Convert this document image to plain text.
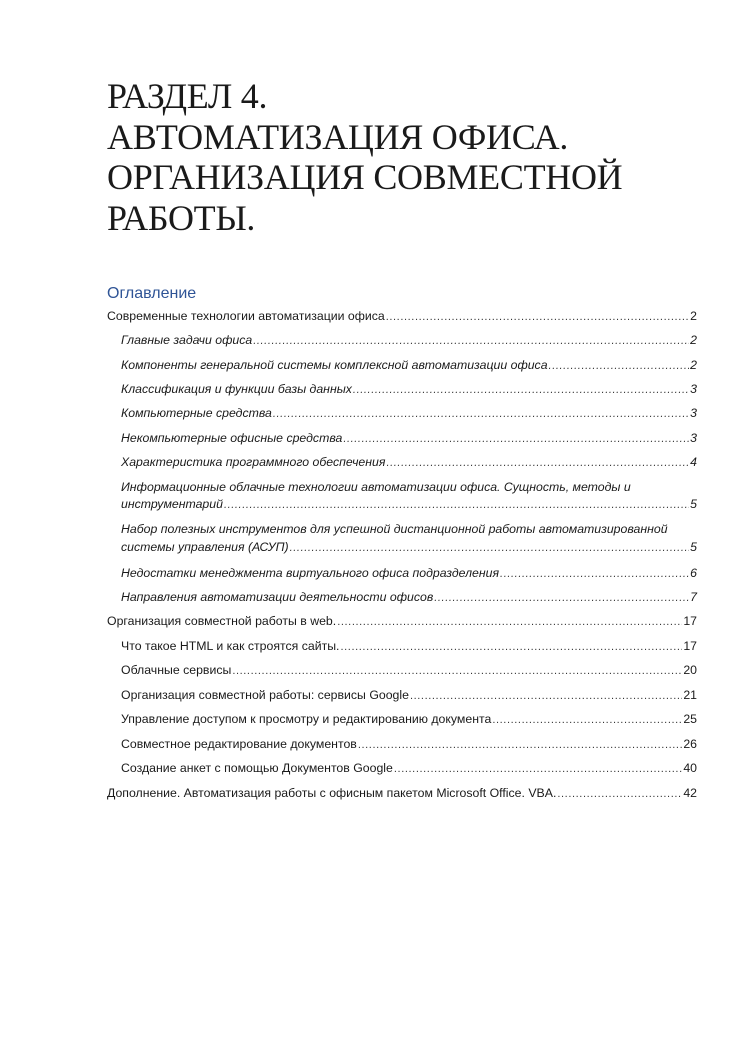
РАЗДЕЛ 4.
АВТОМАТИЗАЦИЯ ОФИСА.
ОРГАНИЗАЦИЯ СОВМЕСТНОЙ
РАБОТЫ.
Оглавление
Современные технологии автоматизации офиса .....	2
Главные задачи офиса .....	2
Компоненты генеральной системы комплексной автоматизации офиса .....	2
Классификация и функции базы данных .....	3
Компьютерные средства .....	3
Некомпьютерные офисные средства .....	3
Характеристика программного обеспечения .....	4
Информационные облачные технологии автоматизации офиса. Сущность, методы и
инструментарий .....	5
Набор полезных инструментов для успешной дистанционной работы автоматизированной
системы управления (АСУП) .....	5
Недостатки менеджмента виртуального офиса подразделения .....	6
Направления автоматизации деятельности офисов .....	7
Организация совместной работы в web. .....	17
Что такое HTML и как строятся сайты. .....	17
Облачные сервисы .....	20
Организация совместной работы: сервисы Google .....	21
Управление доступом к просмотру и редактированию документа .....	25
Совместное редактирование документов .....	26
Создание анкет с помощью Документов Google .....	40
Дополнение. Автоматизация работы с офисным пакетом Microsoft Office. VBA. .....	42
